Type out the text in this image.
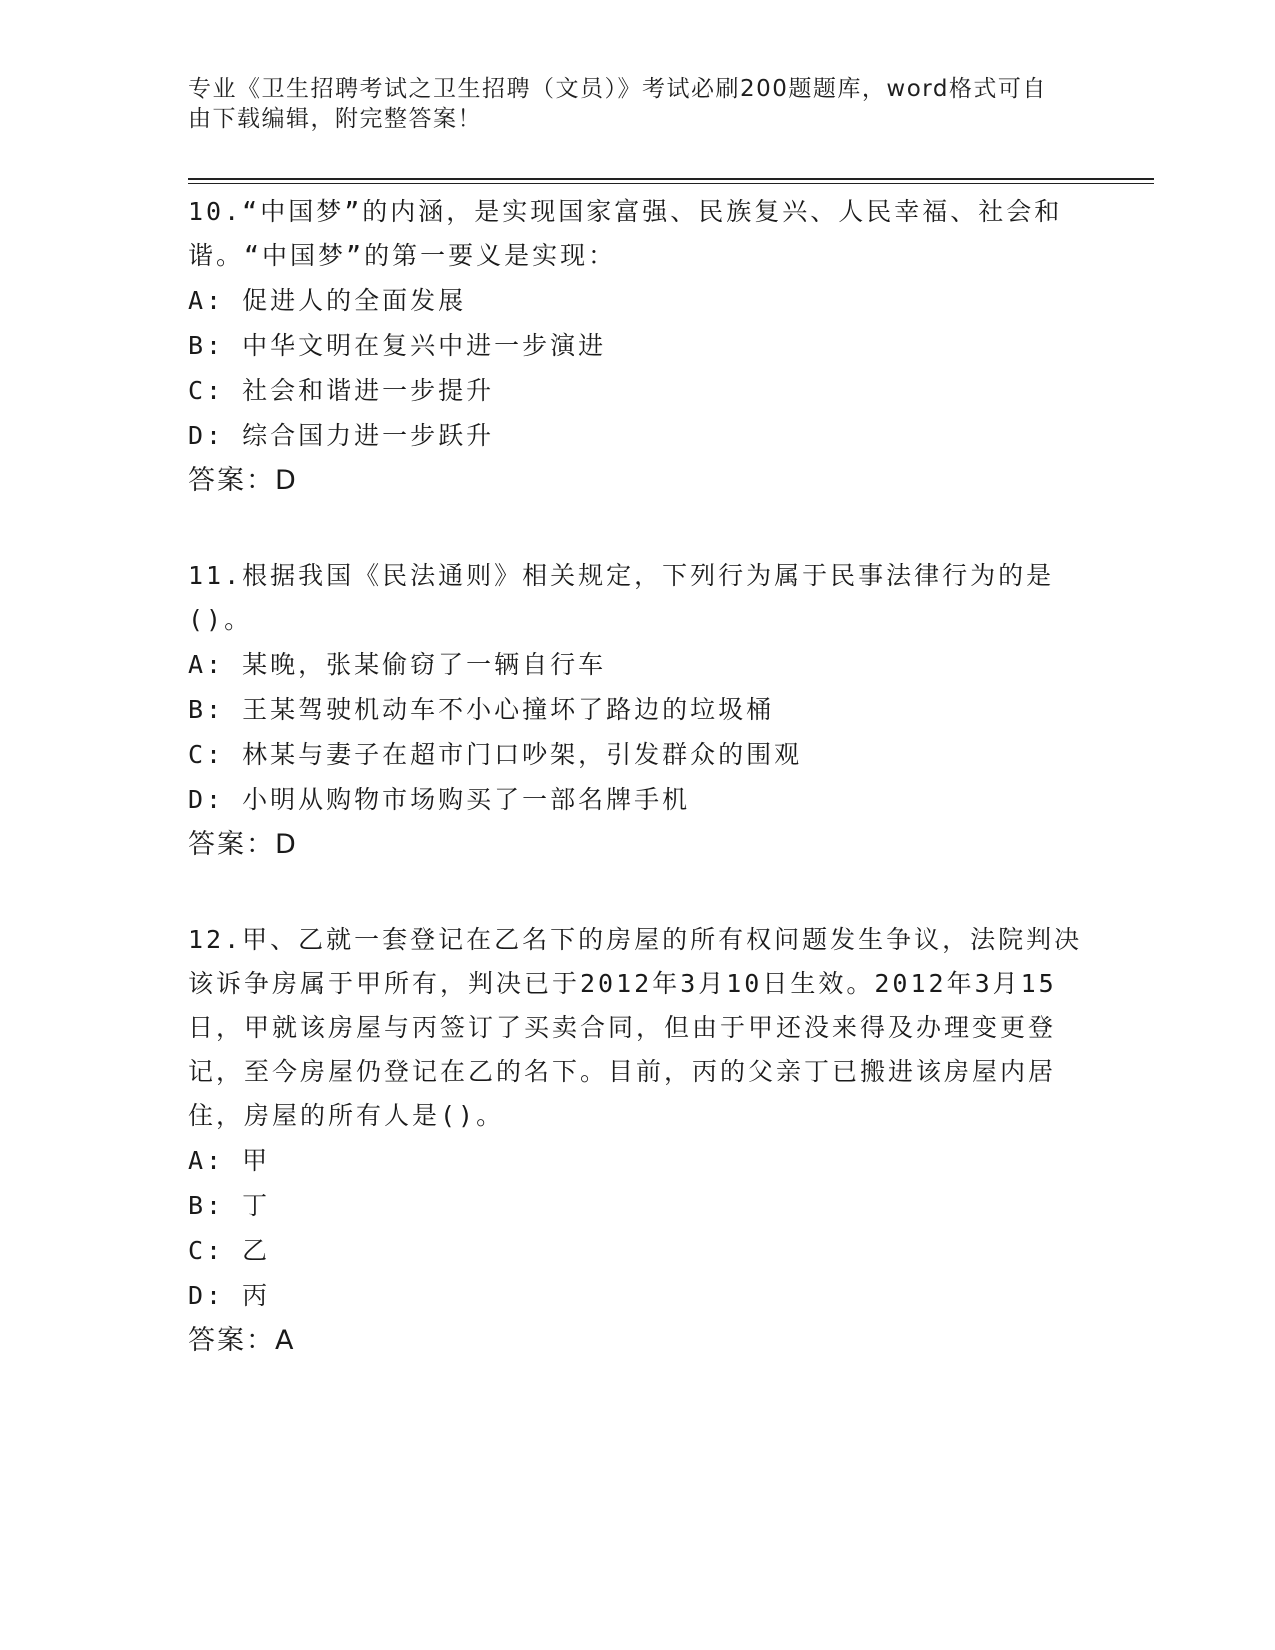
专业《卫生招聘考试之卫生招聘（文员）》考试必刷200题题库，word格式可自由下载编辑，附完整答案！

10.“中国梦”的内涵，是实现国家富强、民族复兴、人民幸福、社会和谐。“中国梦”的第一要义是实现：

A: 促进人的全面发展

B: 中华文明在复兴中进一步演进

C: 社会和谐进一步提升

D: 综合国力进一步跃升

答案：D

11.根据我国《民法通则》相关规定，下列行为属于民事法律行为的是()。

A: 某晚，张某偷窃了一辆自行车

B: 王某驾驶机动车不小心撞坏了路边的垃圾桶

C: 林某与妻子在超市门口吵架，引发群众的围观

D: 小明从购物市场购买了一部名牌手机

答案：D

12.甲、乙就一套登记在乙名下的房屋的所有权问题发生争议，法院判决该诉争房属于甲所有，判决已于2012年3月10日生效。2012年3月15日，甲就该房屋与丙签订了买卖合同，但由于甲还没来得及办理变更登记，至今房屋仍登记在乙的名下。目前，丙的父亲丁已搬进该房屋内居住，房屋的所有人是()。

A: 甲

B: 丁

C: 乙

D: 丙

答案：A
